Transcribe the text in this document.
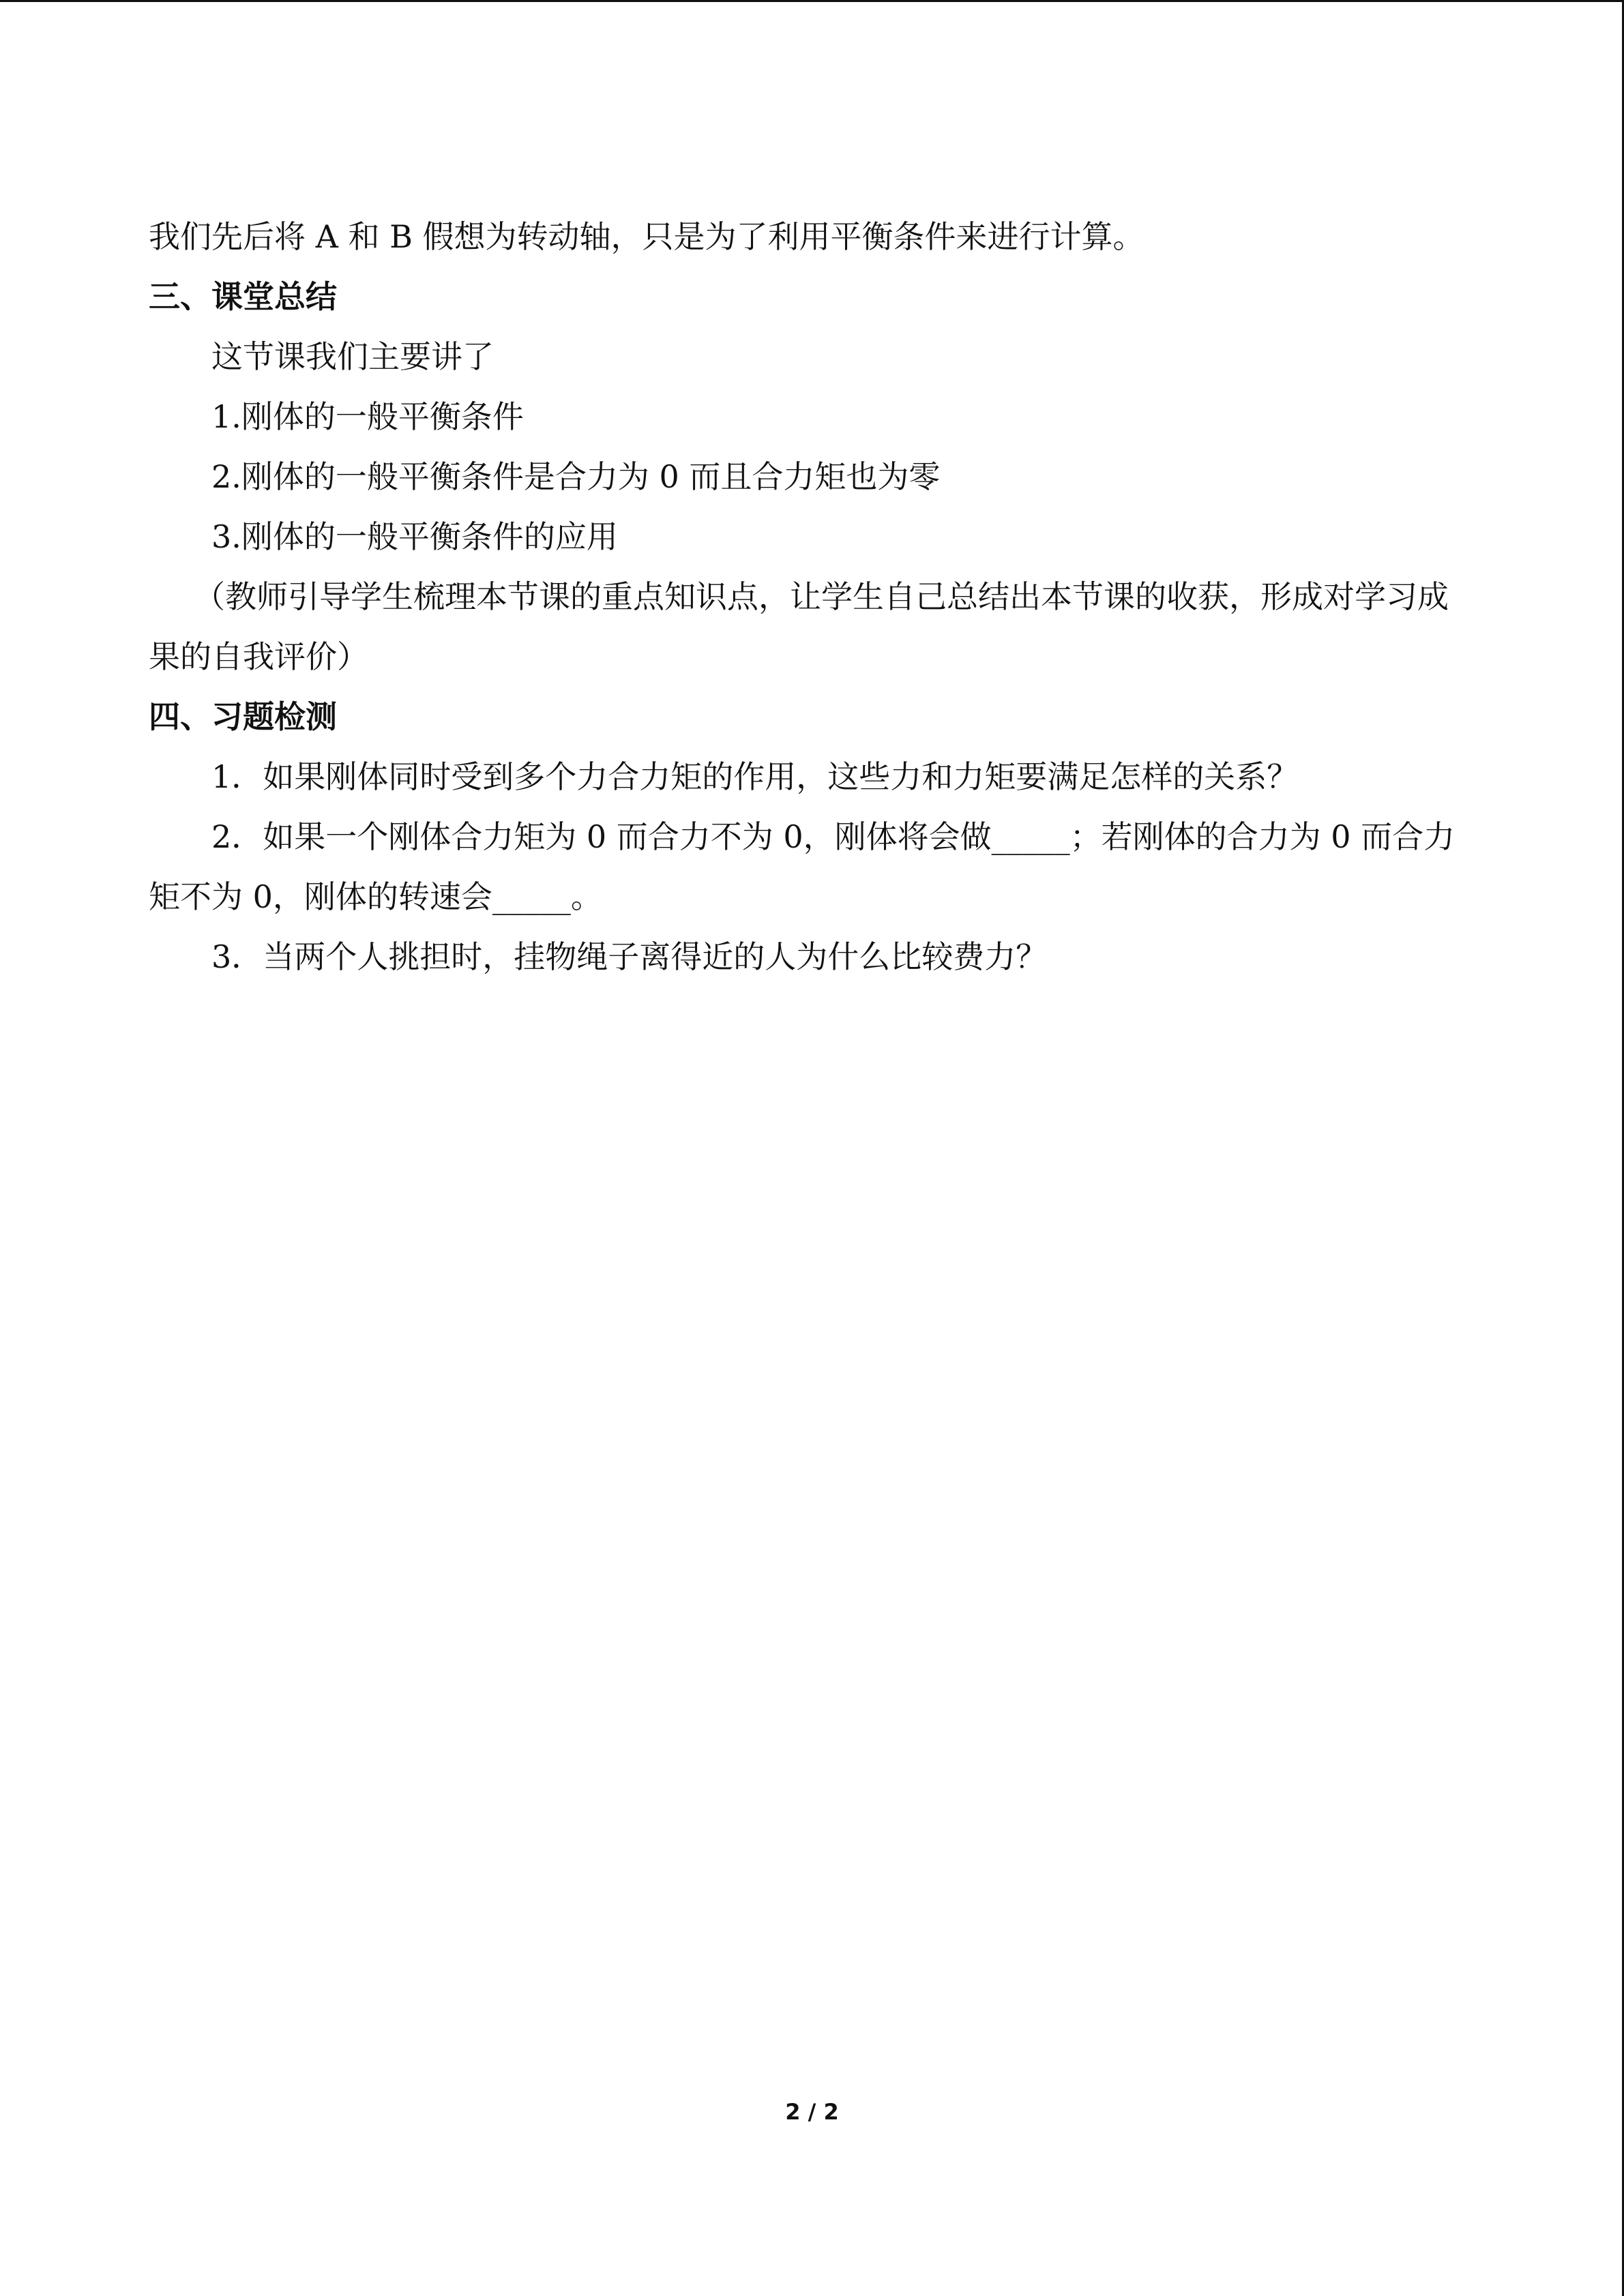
我们先后将 A 和 B 假想为转动轴，只是为了利用平衡条件来进行计算。

三、课堂总结

这节课我们主要讲了

1.刚体的一般平衡条件

2.刚体的一般平衡条件是合力为 0 而且合力矩也为零

3.刚体的一般平衡条件的应用

（教师引导学生梳理本节课的重点知识点，让学生自己总结出本节课的收获，形成对学习成果的自我评价）

四、习题检测

1．如果刚体同时受到多个力合力矩的作用，这些力和力矩要满足怎样的关系？

2．如果一个刚体合力矩为 0 而合力不为 0，刚体将会做_____；若刚体的合力为 0 而合力矩不为 0，刚体的转速会_____。

3．当两个人挑担时，挂物绳子离得近的人为什么比较费力？

2 / 2
